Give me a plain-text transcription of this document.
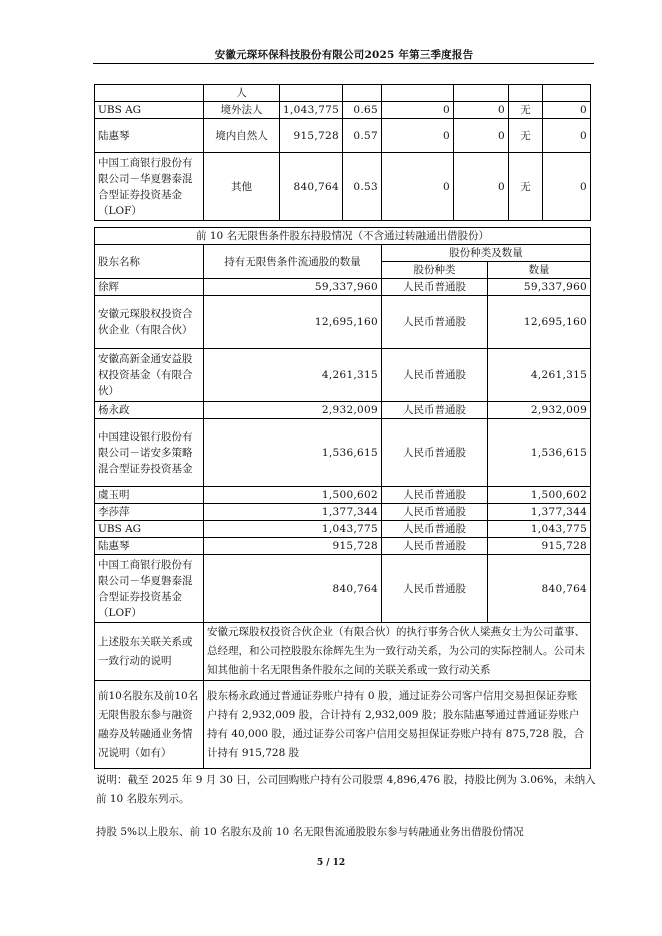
安徽元琛环保科技股份有限公司2025 年第三季度报告
	人						
UBS AG	境外法人	1,043,775	0.65	0	0	无	0
陆惠琴	境内自然人	915,728	0.57	0	0	无	0
中国工商银行股份有限公司－华夏磐泰混合型证券投资基金（LOF）	其他	840,764	0.53	0	0	无	0
前 10 名无限售条件股东持股情况（不含通过转融通出借股份）			
股东名称	持有无限售条件流通股的数量	股份种类及数量	
		股份种类	数量
徐辉	59,337,960	人民币普通股	59,337,960
安徽元琛股权投资合伙企业（有限合伙）	12,695,160	人民币普通股	12,695,160
安徽高新金通安益股权投资基金（有限合伙）	4,261,315	人民币普通股	4,261,315
杨永政	2,932,009	人民币普通股	2,932,009
中国建设银行股份有限公司－诺安多策略混合型证券投资基金	1,536,615	人民币普通股	1,536,615
虞玉明	1,500,602	人民币普通股	1,500,602
李莎萍	1,377,344	人民币普通股	1,377,344
UBS AG	1,043,775	人民币普通股	1,043,775
陆惠琴	915,728	人民币普通股	915,728
中国工商银行股份有限公司－华夏磐泰混合型证券投资基金（LOF）	840,764	人民币普通股	840,764
上述股东关联关系或一致行动的说明	安徽元琛股权投资合伙企业（有限合伙）的执行事务合伙人梁燕女士为公司董事、总经理，和公司控股股东徐辉先生为一致行动关系，为公司的实际控制人。公司未知其他前十名无限售条件股东之间的关联关系或一致行动关系		
前10名股东及前10名无限售股东参与融资融券及转融通业务情况说明（如有）	股东杨永政通过普通证券账户持有 0 股，通过证券公司客户信用交易担保证券账户持有 2,932,009 股，合计持有 2,932,009 股；股东陆惠琴通过普通证券账户持有 40,000 股，通过证券公司客户信用交易担保证券账户持有 875,728 股，合计持有 915,728 股		
说明：截至 2025 年 9 月 30 日，公司回购账户持有公司股票 4,896,476 股，持股比例为 3.06%，未纳入前 10 名股东列示。
持股 5%以上股东、前 10 名股东及前 10 名无限售流通股股东参与转融通业务出借股份情况
5 / 12
